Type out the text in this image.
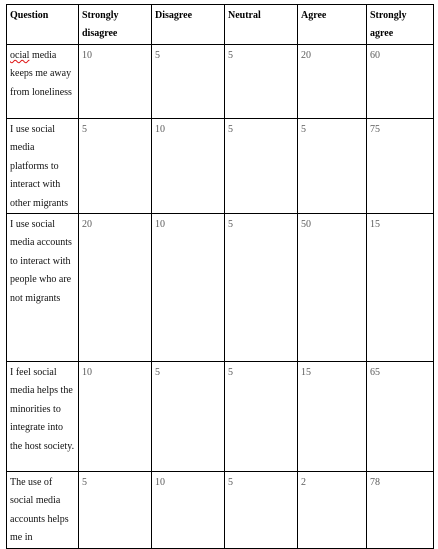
Question	Strongly disagree	Disagree	Neutral	Agree	Strongly agree
ocial media keeps me away from loneliness	10	5	5	20	60
I use social media platforms to interact with other migrants	5	10	5	5	75
I use social media accounts to interact with people who are not migrants	20	10	5	50	15
I feel social media helps the minorities to integrate into the host society.	10	5	5	15	65
The use of social media accounts helps me in	5	10	5	2	78
